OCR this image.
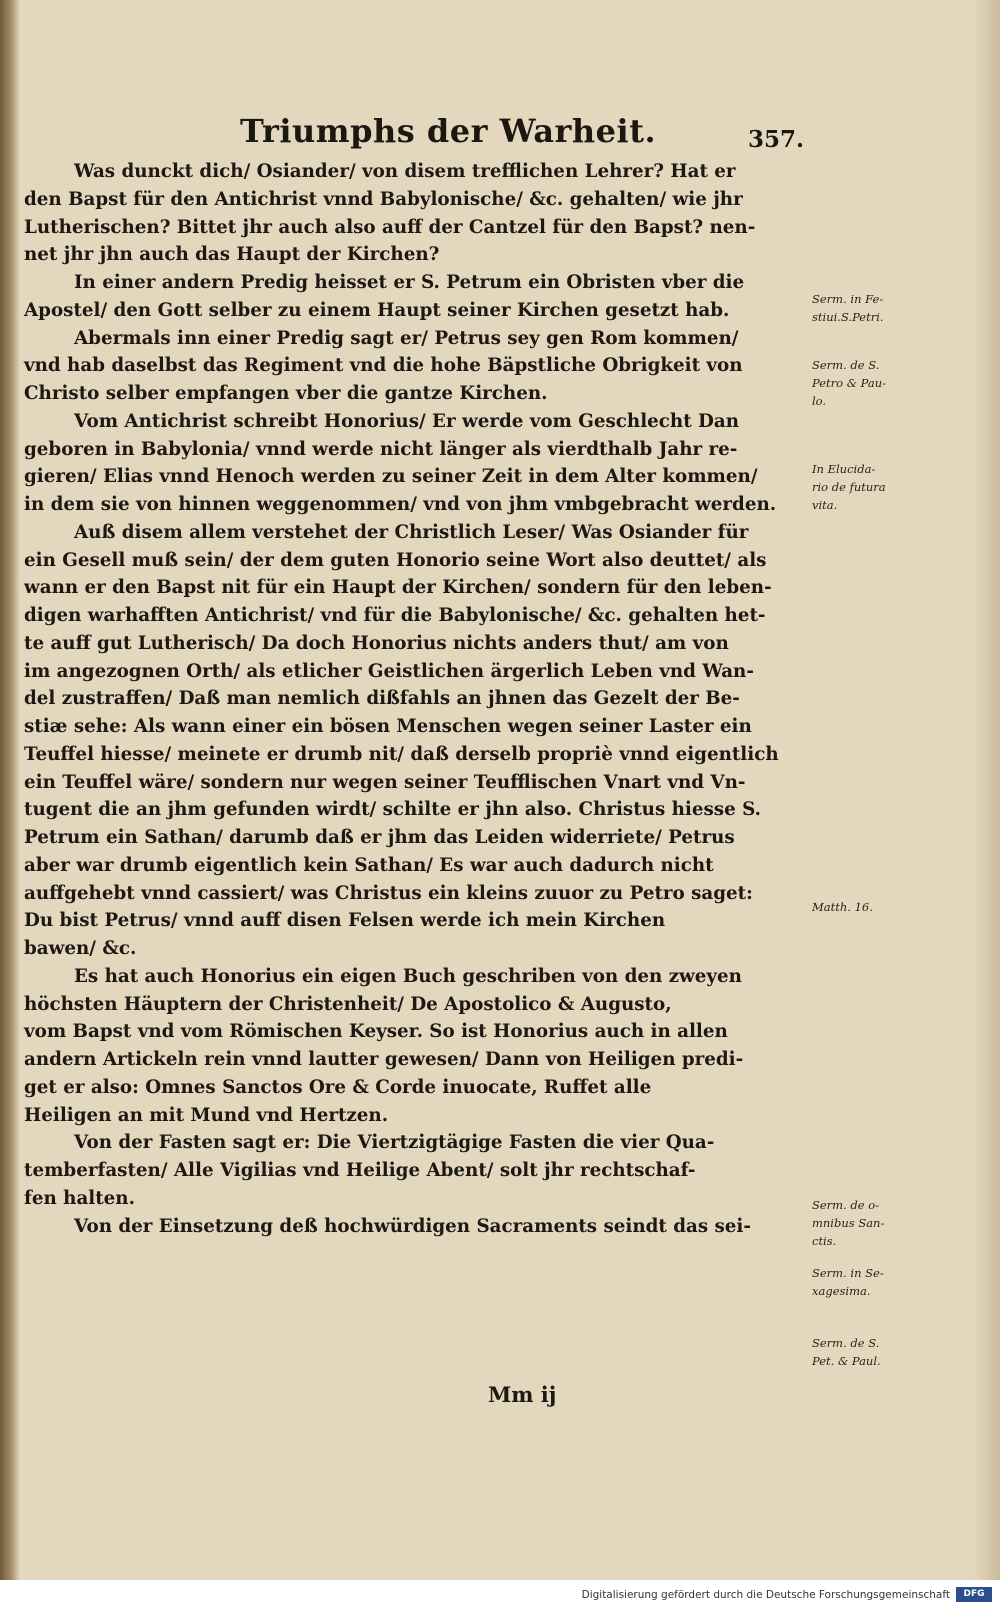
Triumphs der Warheit.	357.
Was dunckt dich/ Osiander/ von disem trefflichen Lehrer? Hat er
den Bapst für den Antichrist vnnd Babylonische/ &c. gehalten/ wie jhr
Lutherischen? Bittet jhr auch also auff der Cantzel für den Bapst? nen-
net jhr jhn auch das Haupt der Kirchen?
In einer andern Predig heisset er S. Petrum ein Obristen vber die
Apostel/ den Gott selber zu einem Haupt seiner Kirchen gesetzt hab.
Abermals inn einer Predig sagt er/ Petrus sey gen Rom kommen/
vnd hab daselbst das Regiment vnd die hohe Bäpstliche Obrigkeit von
Christo selber empfangen vber die gantze Kirchen.
Vom Antichrist schreibt Honorius/ Er werde vom Geschlecht Dan
geboren in Babylonia/ vnnd werde nicht länger als vierdthalb Jahr re-
gieren/ Elias vnnd Henoch werden zu seiner Zeit in dem Alter kommen/
in dem sie von hinnen weggenommen/ vnd von jhm vmbgebracht werden.
Auß disem allem verstehet der Christlich Leser/ Was Osiander für
ein Gesell muß sein/ der dem guten Honorio seine Wort also deuttet/ als
wann er den Bapst nit für ein Haupt der Kirchen/ sondern für den leben-
digen warhafften Antichrist/ vnd für die Babylonische/ &c. gehalten het-
te auff gut Lutherisch/ Da doch Honorius nichts anders thut/ am von
im angezognen Orth/ als etlicher Geistlichen ärgerlich Leben vnd Wan-
del zustraffen/ Daß man nemlich dißfahls an jhnen das Gezelt der Be-
stiæ sehe: Als wann einer ein bösen Menschen wegen seiner Laster ein
Teuffel hiesse/ meinete er drumb nit/ daß derselb propriè vnnd eigentlich
ein Teuffel wäre/ sondern nur wegen seiner Teufflischen Vnart vnd Vn-
tugent die an jhm gefunden wirdt/ schilte er jhn also. Christus hiesse S.
Petrum ein Sathan/ darumb daß er jhm das Leiden widerriete/ Petrus
aber war drumb eigentlich kein Sathan/ Es war auch dadurch nicht
auffgehebt vnnd cassiert/ was Christus ein kleins zuuor zu Petro saget:
Du bist Petrus/ vnnd auff disen Felsen werde ich mein Kirchen
bawen/ &c.
Es hat auch Honorius ein eigen Buch geschriben von den zweyen
höchsten Häuptern der Christenheit/ De Apostolico & Augusto,
vom Bapst vnd vom Römischen Keyser. So ist Honorius auch in allen
andern Artickeln rein vnnd lautter gewesen/ Dann von Heiligen predi-
get er also: Omnes Sanctos Ore & Corde inuocate, Ruffet alle
Heiligen an mit Mund vnd Hertzen.
Von der Fasten sagt er: Die Viertzigtägige Fasten die vier Qua-
temberfasten/ Alle Vigilias vnd Heilige Abent/ solt jhr rechtschaf-
fen halten.
Von der Einsetzung deß hochwürdigen Sacraments seindt das sei-
Mm ij
Serm. in Fe-
stiui.S.Petri.
Serm. de S.
Petro & Pau-
lo.
In Elucida-
rio de futura
vita.
Matth. 16.
Serm. de o-
mnibus San-
ctis.
Serm. in Se-
xagesima.
Serm. de S.
Pet. & Paul.
Digitalisierung gefördert durch die Deutsche Forschungsgemeinschaft	DFG
